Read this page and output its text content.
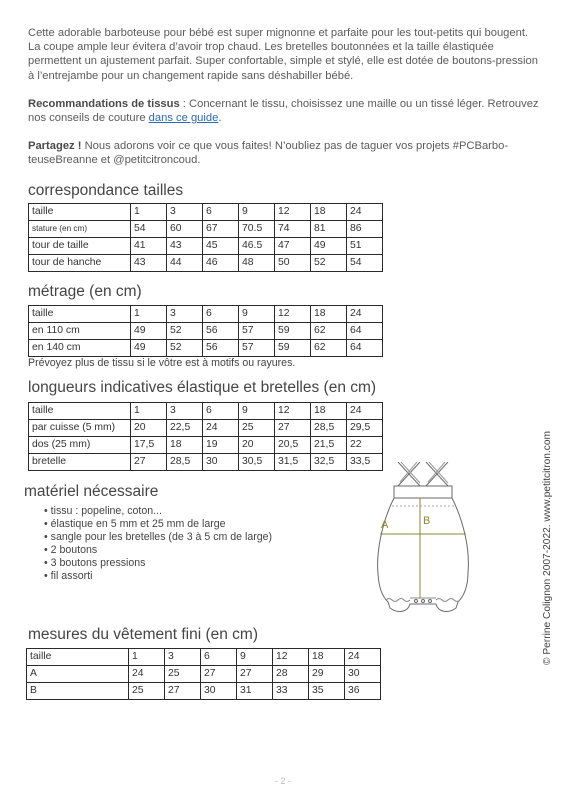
Cette adorable barboteuse pour bébé est super mignonne et parfaite pour les tout-petits qui bougent. La coupe ample leur évitera d’avoir trop chaud. Les bretelles boutonnées et la taille élastiquée permettent un ajustement parfait. Super confortable, simple et stylé, elle est dotée de boutons-pression à l’entrejambe pour un changement rapide sans déshabiller bébé.

Recommandations de tissus : Concernant le tissu, choisissez une maille ou un tissé léger. Retrouvez nos conseils de couture dans ce guide.

Partagez ! Nous adorons voir ce que vous faites! N’oubliez pas de taguer vos projets #PCBarbo-teuseBreanne et @petitcitroncoud.

correspondance tailles
taille	1	3	6	9	12	18	24
stature (en cm)	54	60	67	70.5	74	81	86
tour de taille	41	43	45	46.5	47	49	51
tour de hanche	43	44	46	48	50	52	54
métrage (en cm)
taille	1	3	6	9	12	18	24
en 110 cm	49	52	56	57	59	62	64
en 140 cm	49	52	56	57	59	62	64
Prévoyez plus de tissu si le vôtre est à motifs ou rayures.
longueurs indicatives élastique et bretelles (en cm)
taille	1	3	6	9	12	18	24
par cuisse (5 mm)	20	22,5	24	25	27	28,5	29,5
dos (25 mm)	17,5	18	19	20	20,5	21,5	22
bretelle	27	28,5	30	30,5	31,5	32,5	33,5
matériel nécessaire
• tissu : popeline, coton...
• élastique en 5 mm et 25 mm de large
• sangle pour les bretelles (de 3 à 5 cm de large)
• 2 boutons
• 3 boutons pressions
• fil assorti
A	B
mesures du vêtement fini (en cm)
taille	1	3	6	9	12	18	24
A	24	25	27	27	28	29	30
B	25	27	30	31	33	35	36
© Perrine Colignon 2007-2022. www.petitcitron.com
- 2 -
